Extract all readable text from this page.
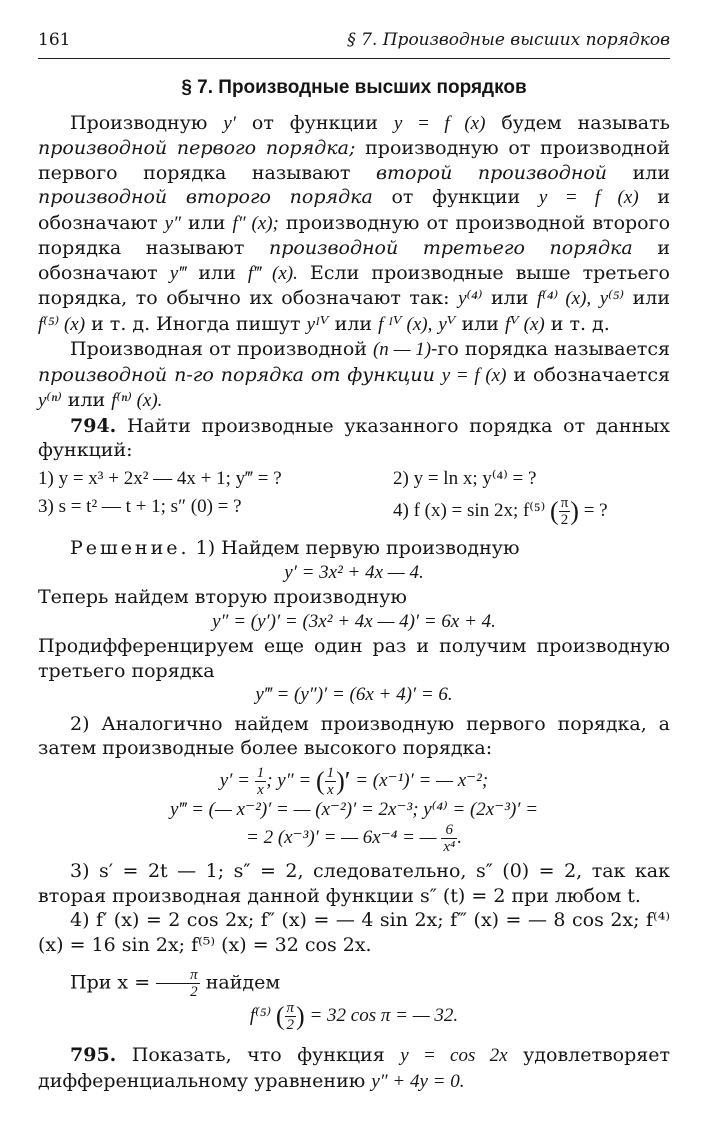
161	§ 7. Производные высших порядков
§ 7. Производные высших порядков

Производную y′ от функции y = f (x) будем называть производной первого порядка; производную от производной первого порядка называют второй производной или производной второго порядка от функции y = f (x) и обозначают y″ или f″ (x); производную от производной второго порядка называют производной третьего порядка и обозначают y‴ или f‴ (x). Если производные выше третьего порядка, то обычно их обозначают так: y⁽⁴⁾ или f⁽⁴⁾ (x), y⁽⁵⁾ или f⁽⁵⁾ (x) и т. д. Иногда пишут yᴵⱽ или f ᴵⱽ (x), yⱽ или fⱽ (x) и т. д.

Производная от производной (n — 1)-го порядка называется производной n-го порядка от функции y = f (x) и обозначается y⁽ⁿ⁾ или f⁽ⁿ⁾ (x).

794. Найти производные указанного порядка от данных функций:

1) y = x³ + 2x² — 4x + 1; y‴ = ?	2) y = ln x; y⁽⁴⁾ = ?
3) s = t² — t + 1; s″ (0) = ?	4) f (x) = sin 2x; f⁽⁵⁾ ( $\frac{\pi}{2}$ ) = ?

Решение. 1) Найдем первую производную

y′ = 3x² + 4x — 4.

Теперь найдем вторую производную

y″ = (y′)′ = (3x² + 4x — 4)′ = 6x + 4.

Продифференцируем еще один раз и получим производную третьего порядка

y‴ = (y″)′ = (6x + 4)′ = 6.

2) Аналогично найдем производную первого порядка, а затем производные более высокого порядка:

$y' = \frac{1}{x}$ ; y″ = ( $\frac{1}{x}$ )′ = (x⁻¹)′ = — x⁻²;
y‴ = (— x⁻²)′ = — (x⁻²)′ = 2x⁻³; y⁽⁴⁾ = (2x⁻³)′ =
= 2 (x⁻³)′ = — 6x⁻⁴ = — $\frac{6}{\text{x⁴}}$ .

3) s′ = 2t — 1; s″ = 2, следовательно, s″ (0) = 2, так как вторая производная данной функции s″ (t) = 2 при любом t.

4) f′ (x) = 2 cos 2x; f″ (x) = — 4 sin 2x; f‴ (x) = — 8 cos 2x; f⁽⁴⁾ (x) = 16 sin 2x; f⁽⁵⁾ (x) = 32 cos 2x.

При $x = \frac{\pi}{2}$ найдем

f⁽⁵⁾ ( $\frac{\pi}{2}$ ) = 32 cos π = — 32.

795. Показать, что функция y = cos 2x удовлетворяет дифференциальному уравнению y″ + 4y = 0.
